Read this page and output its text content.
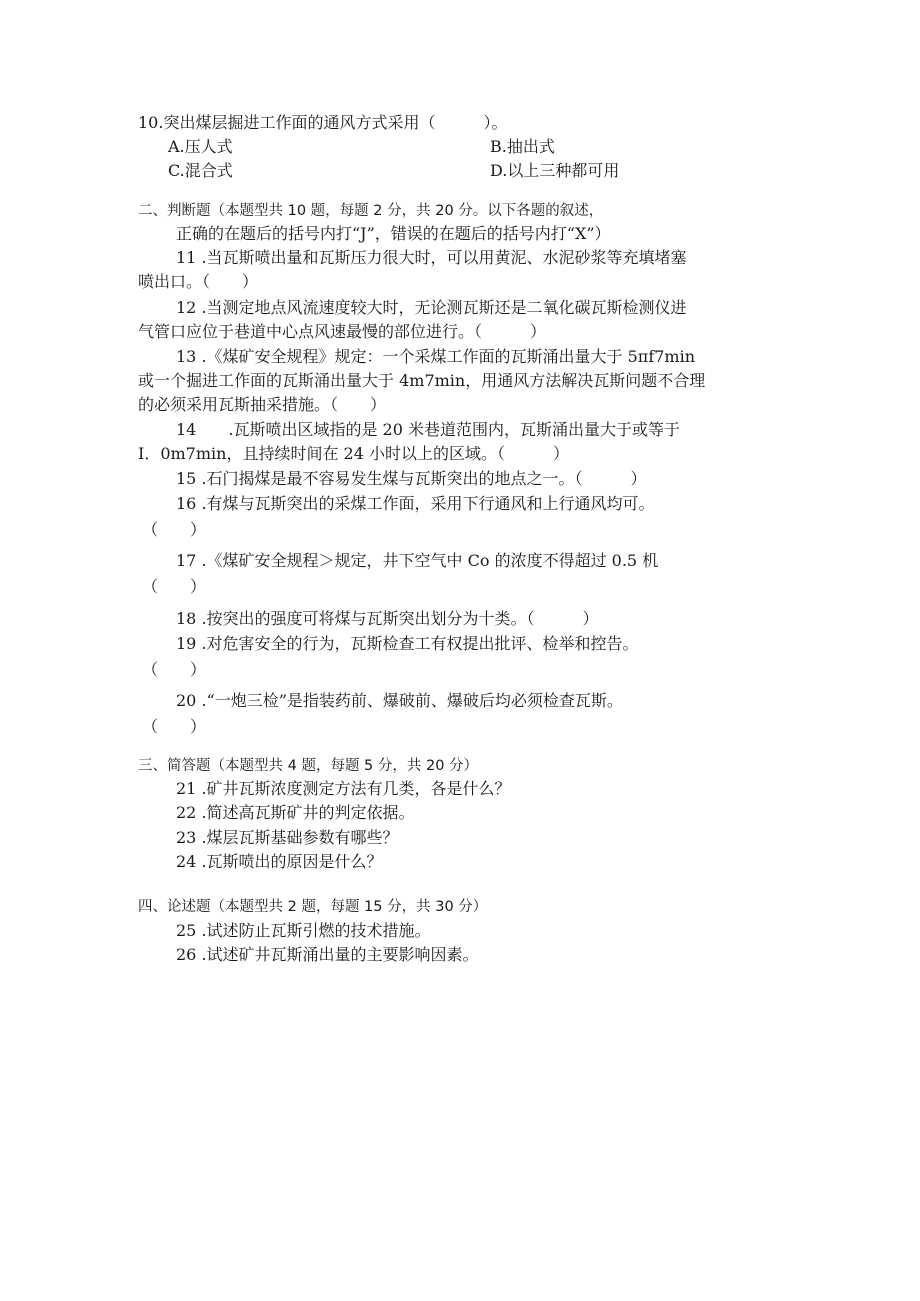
10.突出煤层掘进工作面的通风方式采用（　　　）。
A.压人式	B.抽出式
C.混合式	D.以上三种都可用
二、判断题（本题型共 10 题，每题 2 分，共 20 分。以下各题的叙述，
正确的在题后的括号内打“J”，错误的在题后的括号内打“X”）
11 .当瓦斯喷出量和瓦斯压力很大时，可以用黄泥、水泥砂浆等充填堵塞
喷出口。（　　）
12 .当测定地点风流速度较大时，无论测瓦斯还是二氧化碳瓦斯检测仪进
气管口应位于巷道中心点风速最慢的部位进行。（　　　）
13 .《煤矿安全规程》规定：一个采煤工作面的瓦斯涌出量大于 5πf7min
或一个掘进工作面的瓦斯涌出量大于 4m7min，用通风方法解决瓦斯问题不合理
的必须采用瓦斯抽采措施。（　　）
14　　.瓦斯喷出区域指的是 20 米巷道范围内，瓦斯涌出量大于或等于
I．0m7min，且持续时间在 24 小时以上的区域。（　　　）
15 .石门揭煤是最不容易发生煤与瓦斯突出的地点之一。（　　　）
16 .有煤与瓦斯突出的采煤工作面，采用下行通风和上行通风均可。
（　　）
17 .《煤矿安全规程＞规定，井下空气中 Co 的浓度不得超过 0.5 机
（　　）
18 .按突出的强度可将煤与瓦斯突出划分为十类。（　　　）
19 .对危害安全的行为，瓦斯检查工有权提出批评、检举和控告。
（　　）
20 .“一炮三检”是指装药前、爆破前、爆破后均必须检查瓦斯。
（　　）
三、简答题（本题型共 4 题，每题 5 分，共 20 分）
21 .矿井瓦斯浓度测定方法有几类，各是什么？
22 .简述高瓦斯矿井的判定依据。
23 .煤层瓦斯基础参数有哪些？
24 .瓦斯喷出的原因是什么？
四、论述题（本题型共 2 题，每题 15 分，共 30 分）
25 .试述防止瓦斯引燃的技术措施。
26 .试述矿井瓦斯涌出量的主要影响因素。
